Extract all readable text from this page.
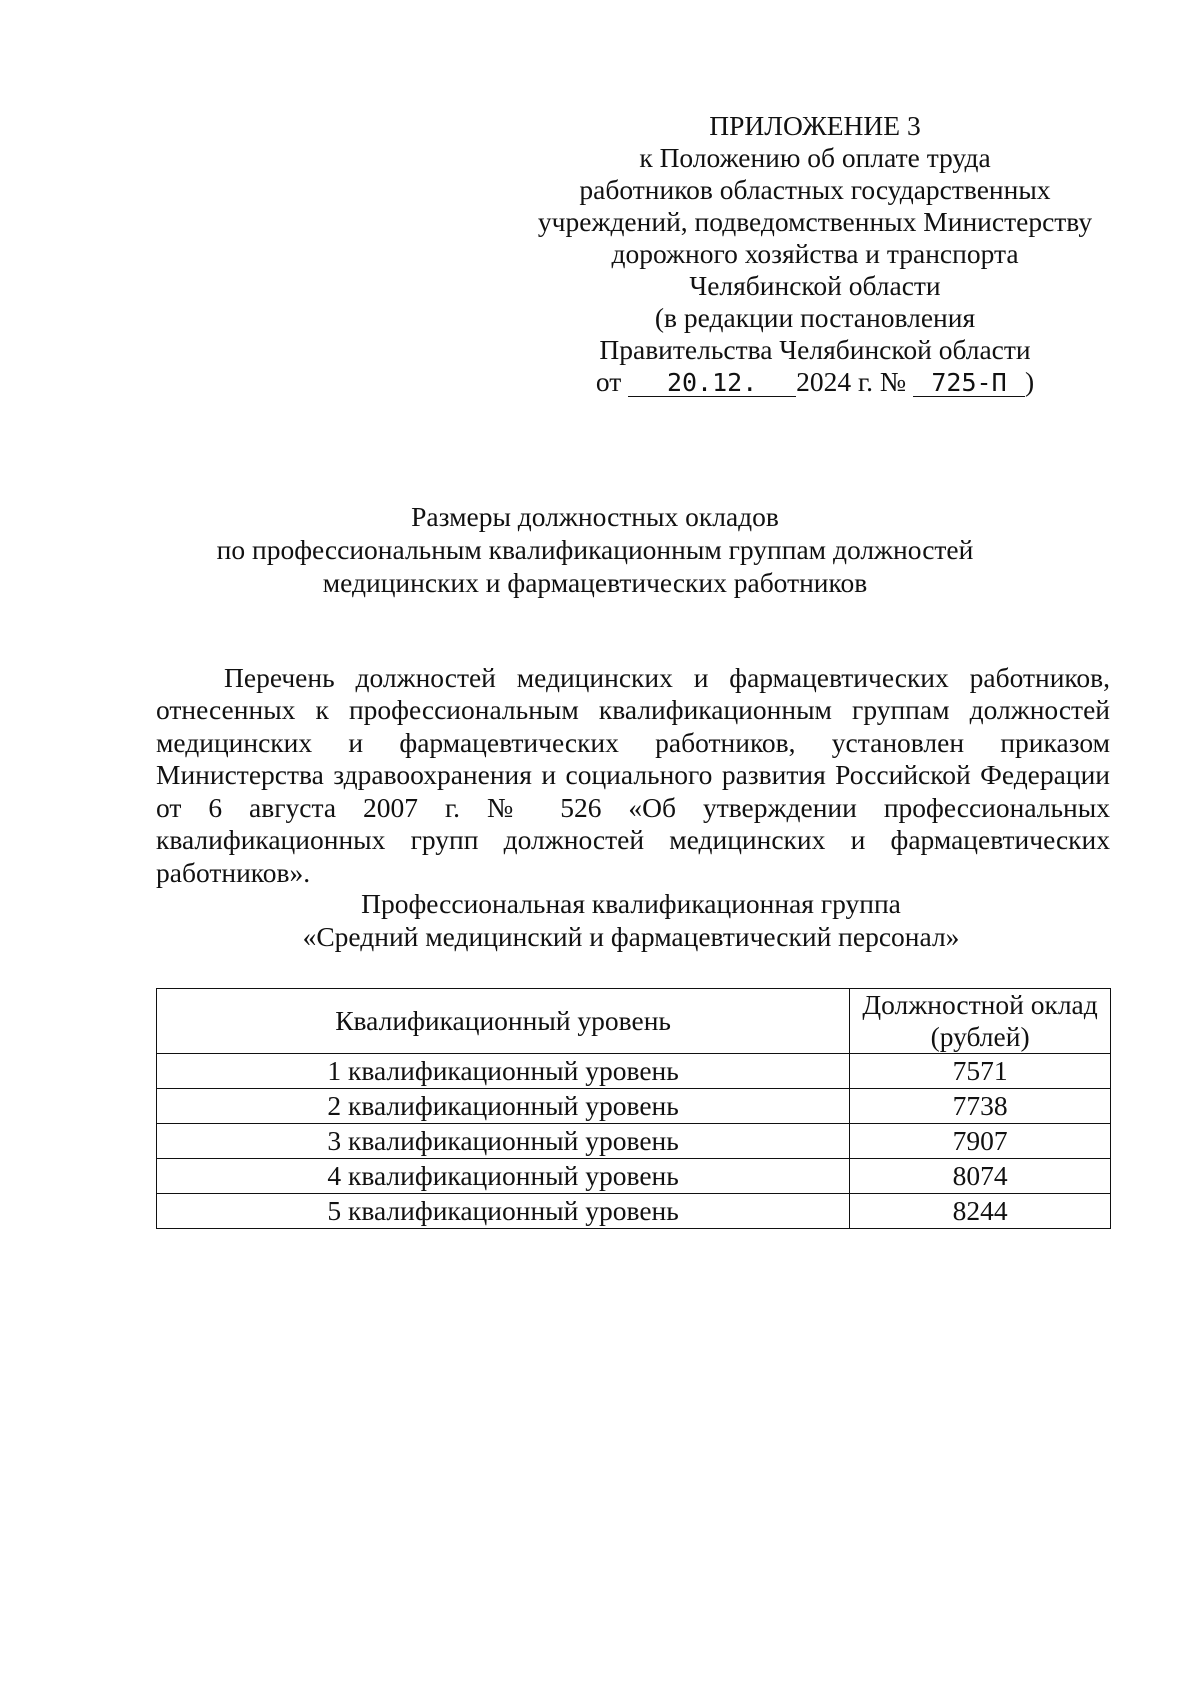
ПРИЛОЖЕНИЕ 3
к Положению об оплате труда
работников областных государственных
учреждений, подведомственных Министерству
дорожного хозяйства и транспорта
Челябинской области
(в редакции постановления
Правительства Челябинской области
от 20.12. 2024 г. № 725-П )
Размеры должностных окладов
по профессиональным квалификационным группам должностей
медицинских и фармацевтических работников

Перечень должностей медицинских и фармацевтических работников, отнесенных к профессиональным квалификационным группам должностей медицинских и фармацевтических работников, установлен приказом Министерства здравоохранения и социального развития Российской Федерации от 6 августа 2007 г. № 526 «Об утверждении профессиональных квалификационных групп должностей медицинских и фармацевтических работников».

Профессиональная квалификационная группа
«Средний медицинский и фармацевтический персонал»
Квалификационный уровень	Должностной оклад
(рублей)
1 квалификационный уровень	7571
2 квалификационный уровень	7738
3 квалификационный уровень	7907
4 квалификационный уровень	8074
5 квалификационный уровень	8244
